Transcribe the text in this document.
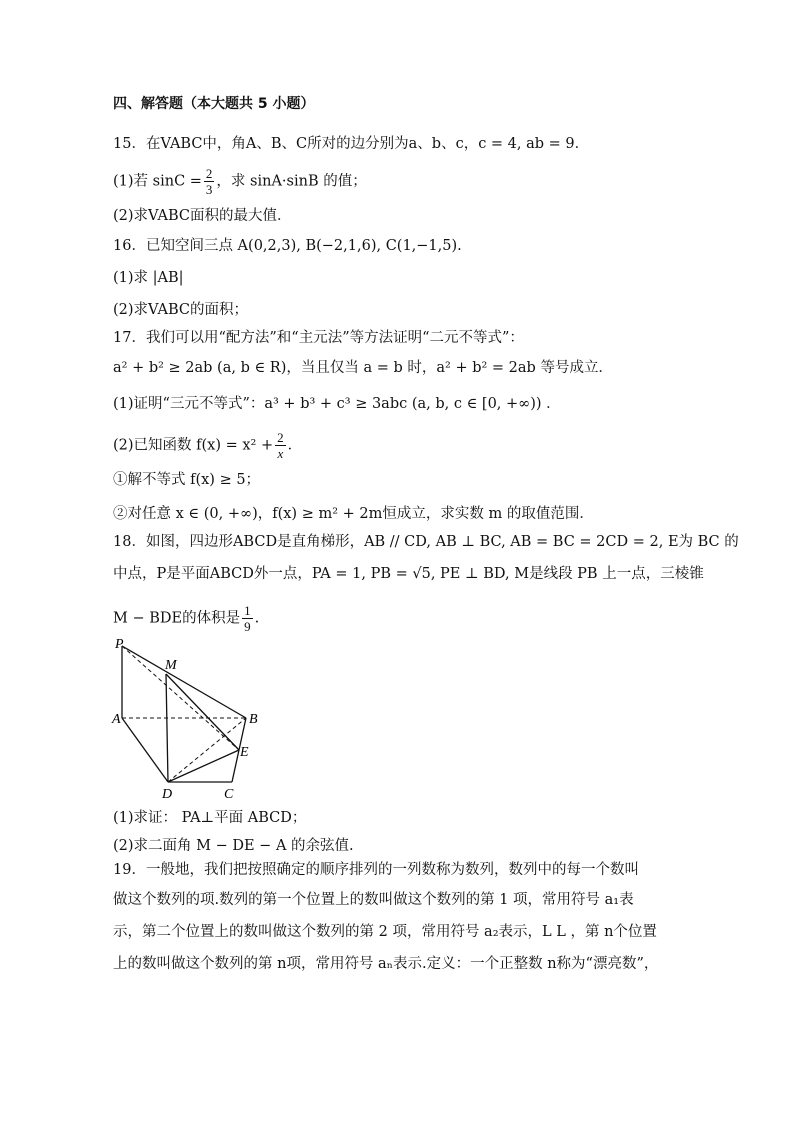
四、解答题（本大题共 5 小题）
15．在VABC中，角A、B、C所对的边分别为a、b、c，c = 4, ab = 9．
(1)若 $\sin C = \frac{2}{3}$ ，求 sinA·sinB 的值；
(2)求VABC面积的最大值．
16．已知空间三点 A(0,2,3), B(−2,1,6), C(1,−1,5).
(1)求 |AB|
(2)求VABC的面积；
17．我们可以用“配方法”和“主元法”等方法证明“二元不等式”：
a² + b² ≥ 2ab (a, b ∈ R)，当且仅当 a = b 时，a² + b² = 2ab 等号成立．
(1)证明“三元不等式”：a³ + b³ + c³ ≥ 3abc (a, b, c ∈ [0, +∞)) ．
(2)已知函数 $f(x) = x^2 + \frac{2}{x}$ ．
①解不等式 f(x) ≥ 5；
②对任意 x ∈ (0, +∞)，f(x) ≥ m² + 2m恒成立，求实数 m 的取值范围．
18．如图，四边形ABCD是直角梯形，AB // CD, AB ⊥ BC, AB = BC = 2CD = 2, E为 BC 的
中点，P是平面ABCD外一点，PA = 1, PB = √5, PE ⊥ BD, M是线段 PB 上一点，三棱锥
M − BDE的体积是 $\frac{1}{9}$ .
P
M
A	B
E
D	C
(1)求证： PA⊥平面 ABCD；
(2)求二面角 M − DE − A 的余弦值.
19．一般地，我们把按照确定的顺序排列的一列数称为数列，数列中的每一个数叫
做这个数列的项.数列的第一个位置上的数叫做这个数列的第 1 项，常用符号 a₁表
示，第二个位置上的数叫做这个数列的第 2 项，常用符号 a₂表示，L L ，第 n个位置
上的数叫做这个数列的第 n项，常用符号 aₙ表示.定义：一个正整数 n称为“漂亮数”，
